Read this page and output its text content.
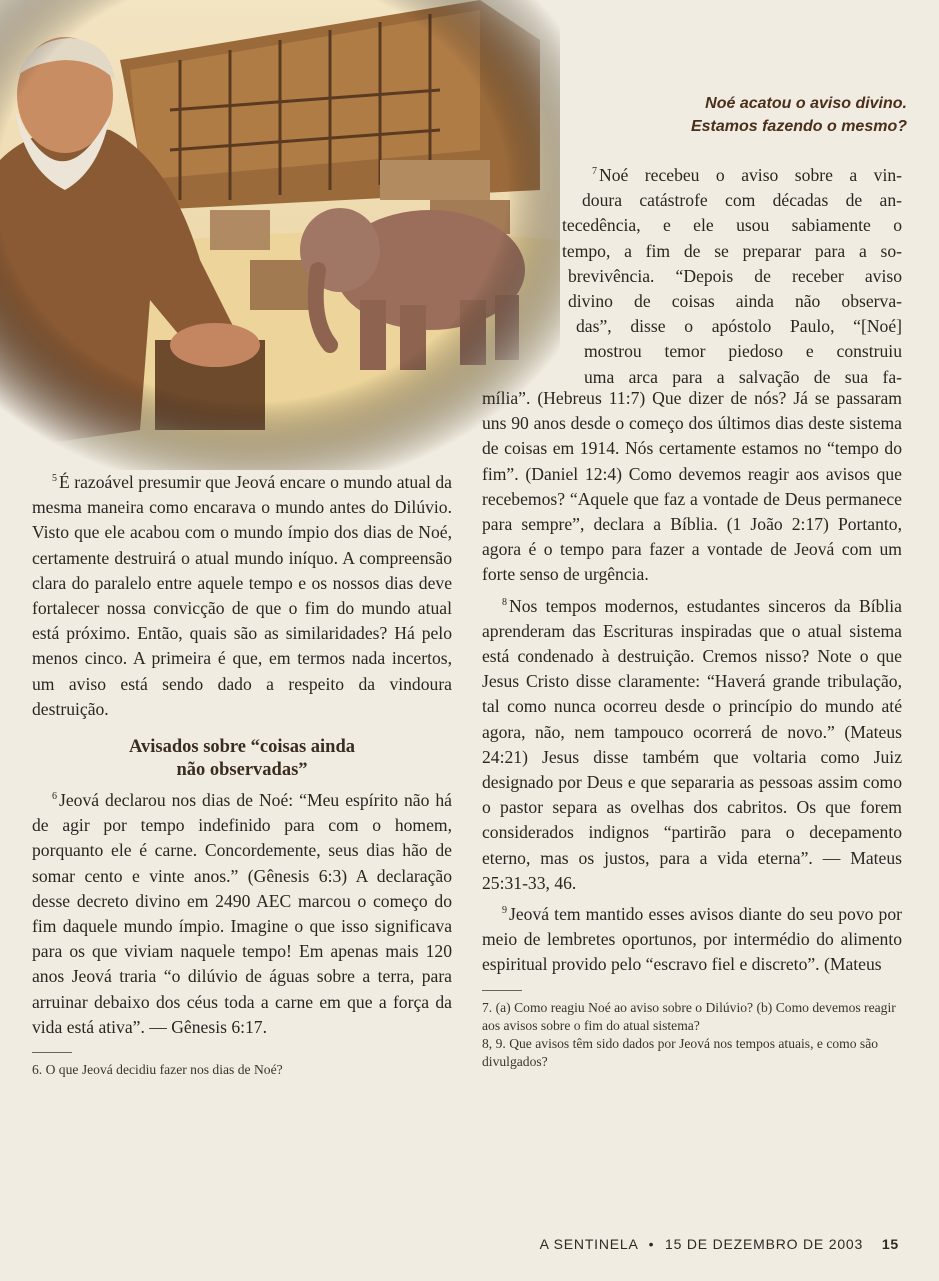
Noé acatou o aviso divino.
Estamos fazendo o mesmo?
$^7$ Noé recebeu o aviso sobre a vin-
doura catástrofe com décadas de an-
tecedência, e ele usou sabiamente o
tempo, a fim de se preparar para a so-
brevivência. “Depois de receber aviso
divino de coisas ainda não observa-
das”, disse o apóstolo Paulo, “[Noé]
mostrou temor piedoso e construiu
uma arca para a salvação de sua fa-

$^5$ É razoável presumir que Jeová encare o mundo atual da mesma maneira como encarava o mundo antes do Dilúvio. Visto que ele acabou com o mundo ímpio dos dias de Noé, certamente destruirá o atual mundo iníquo. A compreensão clara do paralelo entre aquele tempo e os nossos dias deve fortalecer nossa convicção de que o fim do mundo atual está próximo. Então, quais são as similaridades? Há pelo menos cinco. A primeira é que, em termos nada incertos, um aviso está sendo dado a respeito da vindoura destruição.

Avisados sobre “coisas ainda
não observadas”

$^6$ Jeová declarou nos dias de Noé: “Meu espírito não há de agir por tempo indefinido para com o homem, porquanto ele é carne. Concordemente, seus dias hão de somar cento e vinte anos.” (Gênesis 6:3) A declaração desse decreto divino em 2490 AEC marcou o começo do fim daquele mundo ímpio. Imagine o que isso significava para os que viviam naquele tempo! Em apenas mais 120 anos Jeová traria “o dilúvio de águas sobre a terra, para arruinar debaixo dos céus toda a carne em que a força da vida está ativa”. — Gênesis 6:17.

6. O que Jeová decidiu fazer nos dias de Noé?

mília”. (Hebreus 11:7) Que dizer de nós? Já se passaram uns 90 anos desde o começo dos últimos dias deste sistema de coisas em 1914. Nós certamente estamos no “tempo do fim”. (Daniel 12:4) Como devemos reagir aos avisos que recebemos? “Aquele que faz a vontade de Deus permanece para sempre”, declara a Bíblia. (1 João 2:17) Portanto, agora é o tempo para fazer a vontade de Jeová com um forte senso de urgência.

$^8$ Nos tempos modernos, estudantes sinceros da Bíblia aprenderam das Escrituras inspiradas que o atual sistema está condenado à destruição. Cremos nisso? Note o que Jesus Cristo disse claramente: “Haverá grande tribulação, tal como nunca ocorreu desde o princípio do mundo até agora, não, nem tampouco ocorrerá de novo.” (Mateus 24:21) Jesus disse também que voltaria como Juiz designado por Deus e que separaria as pessoas assim como o pastor separa as ovelhas dos cabritos. Os que forem considerados indignos “partirão para o decepamento eterno, mas os justos, para a vida eterna”. — Mateus 25:31-33, 46.

$^9$ Jeová tem mantido esses avisos diante do seu povo por meio de lembretes oportunos, por intermédio do alimento espiritual provido pelo “escravo fiel e discreto”. (Mateus

7. (a) Como reagiu Noé ao aviso sobre o Dilúvio? (b) Como devemos reagir aos avisos sobre o fim do atual sistema?

8, 9. Que avisos têm sido dados por Jeová nos tempos atuais, e como são divulgados?

A SENTINELA • 15 DE DEZEMBRO DE 2003 15
